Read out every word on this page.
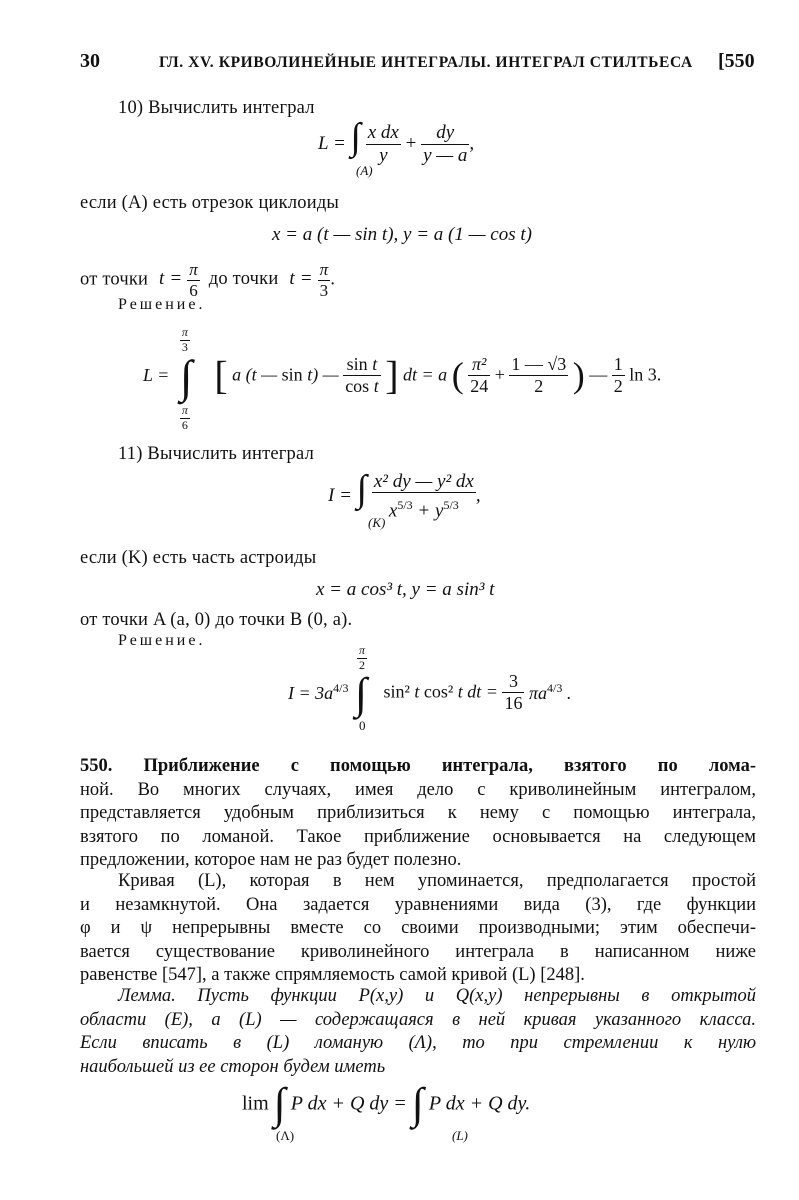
30	ГЛ. XV. КРИВОЛИНЕЙНЫЕ ИНТЕГРАЛЫ. ИНТЕГРАЛ СТИЛТЬЕСА [550
10) Вычислить интеграл
L = ∫ $\frac{\text{x dx}}{y} + \frac{dy}{y — a}$ ,
(A)
если (A) есть отрезок циклоиды
x = a (t — sin t), y = a (1 — cos t)
от точки $t = \frac{\pi}{6}$ до точки $t = \frac{\pi}{3}$ .
Решение.
L =
$\frac{\pi}{3}$
∫
$\frac{\pi}{6}$
[ a (t — sin t) — $\frac{\text{sin t}}{\text{cos t}}$ ] dt = a ( $\frac{\text{π²}}{24} + \frac{1 — √3}{2}$ ) — $\frac{1}{2}$ ln 3.
11) Вычислить интеграл
I = ∫ $\frac{\text{x² dy — y² dx}}{x^{5/3} + y^{5/3}}$ ,
(K)
если (K) есть часть астроиды
x = a cos³ t, y = a sin³ t
от точки A (a, 0) до точки B (0, a).
Решение.
$I = 3a^{4/3}$
$\frac{\pi}{2}$
∫
0
sin² t cos² t dt = $\frac{3}{16} \pi a^{4/3}$ .
550. Приближение с помощью интеграла, взятого по лома-
ной. Во многих случаях, имея дело с криволинейным интегралом,
представляется удобным приблизиться к нему с помощью интеграла,
взятого по ломаной. Такое приближение основывается на следующем
предложении, которое нам не раз будет полезно.
Кривая (L), которая в нем упоминается, предполагается простой
и незамкнутой. Она задается уравнениями вида (3), где функции
φ и ψ непрерывны вместе со своими производными; этим обеспечи-
вается существование криволинейного интеграла в написанном ниже
равенстве [547], а также спрямляемость самой кривой (L) [248].
Лемма. Пусть функции P(x,y) и Q(x,y) непрерывны в открытой
области (E), а (L) — содержащаяся в ней кривая указанного класса.
Если вписать в (L) ломаную (Λ), то при стремлении к нулю
наибольшей из ее сторон будем иметь
lim ∫ P dx + Q dy = ∫ P dx + Q dy.
(Λ)	(L)
